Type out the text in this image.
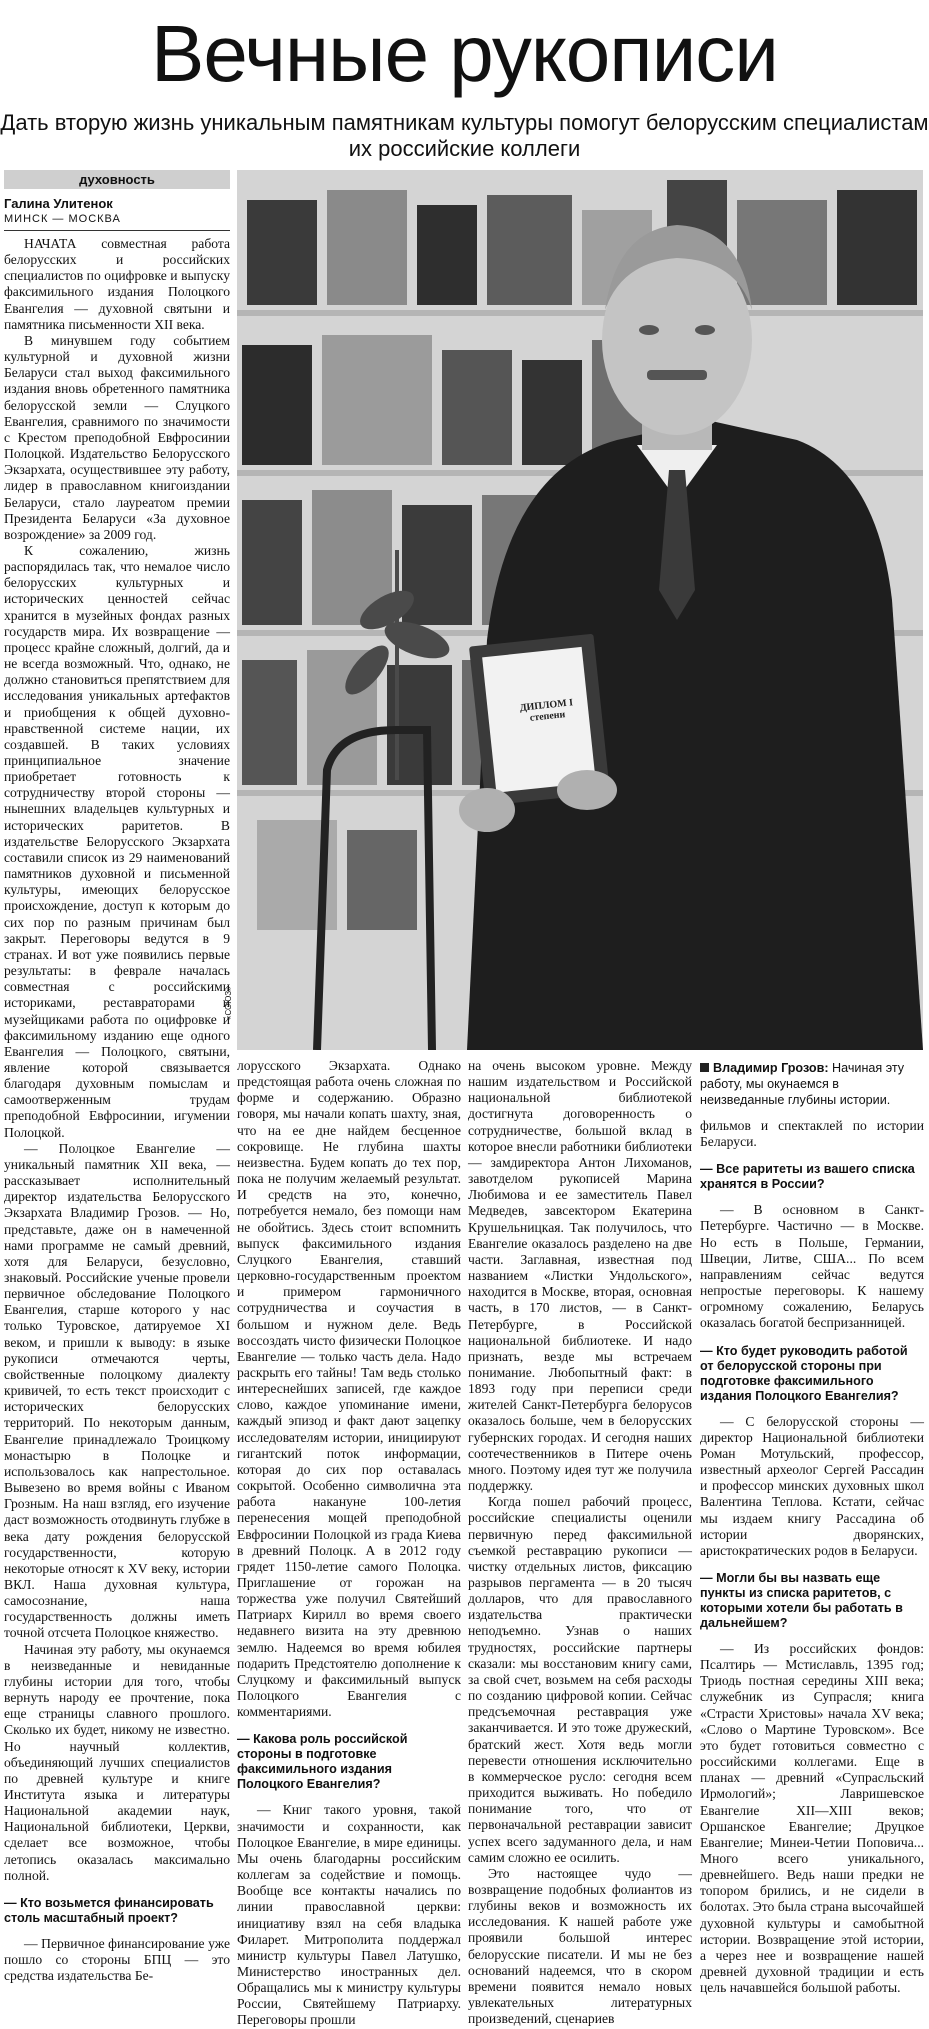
Вечные рукописи
Дать вторую жизнь уникальным памятникам культуры помогут белорусским специалистам их российские коллеги
духовность
Галина Улитенок
МИНСК — МОСКВА

НАЧАТА совместная работа белорусских и российских специалистов по оцифровке и выпуску факсимильного издания Полоцкого Евангелия — духовной святыни и памятника письменности XII века.

В минувшем году событием культурной и духовной жизни Беларуси стал выход факсимильного издания вновь обретенного памятника белорусской земли — Слуцкого Евангелия, сравнимого по значимости с Крестом преподобной Евфросинии Полоцкой. Издательство Белорусского Экзархата, осуществившее эту работу, лидер в православном книгоиздании Беларуси, стало лауреатом премии Президента Беларуси «За духовное возрождение» за 2009 год.

К сожалению, жизнь распорядилась так, что немалое число белорусских культурных и исторических ценностей сейчас хранится в музейных фондах разных государств мира. Их возвращение — процесс крайне сложный, долгий, да и не всегда возможный. Что, однако, не должно становиться препятствием для исследования уникальных артефактов и приобщения к общей духовно-нравственной системе нации, их создавшей. В таких условиях принципиальное значение приобретает готовность к сотрудничеству второй стороны — нынешних владельцев культурных и исторических раритетов. В издательстве Белорусского Экзархата составили список из 29 наименований памятников духовной и письменной культуры, имеющих белорусское происхождение, доступ к которым до сих пор по разным причинам был закрыт. Переговоры ведутся в 9 странах. И вот уже появились первые результаты: в феврале началась совместная с российскими историками, реставраторами и музейщиками работа по оцифровке и факсимильному изданию еще одного Евангелия — Полоцкого, святыни, явление которой связывается благодаря духовным помыслам и самоотверженным трудам преподобной Евфросинии, игумении Полоцкой.

— Полоцкое Евангелие — уникальный памятник XII века, — рассказывает исполнительный директор издательства Белорусского Экзархата Владимир Грозов. — Но, представьте, даже он в намеченной нами программе не самый древний, хотя для Беларуси, безусловно, знаковый. Российские ученые провели первичное обследование Полоцкого Евангелия, старше которого у нас только Туровское, датируемое XI веком, и пришли к выводу: в языке рукописи отмечаются черты, свойственные полоцкому диалекту кривичей, то есть текст происходит с исторических белорусских территорий. По некоторым данным, Евангелие принадлежало Троицкому монастырю в Полоцке и использовалось как напрестольное. Вывезено во время войны с Иваном Грозным. На наш взгляд, его изучение даст возможность отодвинуть глубже в века дату рождения белорусской государственности, которую некоторые относят к XV веку, истории ВКЛ. Наша духовная культура, самосознание, наша государственность должны иметь точной отсчета Полоцкое княжество.

Начиная эту работу, мы окунаемся в неизведанные и невиданные глубины истории для того, чтобы вернуть народу ее прочтение, пока еще страницы славного прошлого. Сколько их будет, никому не известно. Но научный коллектив, объединяющий лучших специалистов по древней культуре и книге Института языка и литературы Национальной академии наук, Национальной библиотеки, Церкви, сделает все возможное, чтобы летопись оказалась максимально полной.

— Кто возьмется финансировать столь масштабный проект?

— Первичное финансирование уже пошло со стороны БПЦ — это средства издательства Бе-

ДИПЛОМ I степени
«СОЮЗ»

лорусского Экзархата. Однако предстоящая работа очень сложная по форме и содержанию. Образно говоря, мы начали копать шахту, зная, что на ее дне найдем бесценное сокровище. Не глубина шахты неизвестна. Будем копать до тех пор, пока не получим желаемый результат. И средств на это, конечно, потребуется немало, без помощи нам не обойтись. Здесь стоит вспомнить выпуск факсимильного издания Слуцкого Евангелия, ставший церковно-государственным проектом и примером гармоничного сотрудничества и соучастия в большом и нужном деле. Ведь воссоздать чисто физически Полоцкое Евангелие — только часть дела. Надо раскрыть его тайны! Там ведь столько интереснейших записей, где каждое слово, каждое упоминание имени, каждый эпизод и факт дают зацепку исследователям истории, инициируют гигантский поток информации, которая до сих пор оставалась сокрытой. Особенно символична эта работа накануне 100-летия перенесения мощей преподобной Евфросинии Полоцкой из града Киева в древний Полоцк. А в 2012 году грядет 1150-летие самого Полоцка. Приглашение от горожан на торжества уже получил Святейший Патриарх Кирилл во время своего недавнего визита на эту древнюю землю. Надеемся во время юбилея подарить Предстоятелю дополнение к Слуцкому и факсимильный выпуск Полоцкого Евангелия с комментариями.

— Какова роль российской стороны в подготовке факсимильного издания Полоцкого Евангелия?

— Книг такого уровня, такой значимости и сохранности, как Полоцкое Евангелие, в мире единицы. Мы очень благодарны российским коллегам за содействие и помощь. Вообще все контакты начались по линии православной церкви: инициативу взял на себя владыка Филарет. Митрополита поддержал министр культуры Павел Латушко, Министерство иностранных дел. Обращались мы к министру культуры России, Святейшему Патриарху. Переговоры прошли

на очень высоком уровне. Между нашим издательством и Российской национальной библиотекой достигнута договоренность о сотрудничестве, большой вклад в которое внесли работники библиотеки — замдиректора Антон Лихоманов, завотделом рукописей Марина Любимова и ее заместитель Павел Медведев, завсектором Екатерина Крушельницкая. Так получилось, что Евангелие оказалось разделено на две части. Заглавная, известная под названием «Листки Ундольского», находится в Москве, вторая, основная часть, в 170 листов, — в Санкт-Петербурге, в Российской национальной библиотеке. И надо признать, везде мы встречаем понимание. Любопытный факт: в 1893 году при переписи среди жителей Санкт-Петербурга белорусов оказалось больше, чем в белорусских губернских городах. И сегодня наших соотечественников в Питере очень много. Поэтому идея тут же получила поддержку.

Когда пошел рабочий процесс, российские специалисты оценили первичную перед факсимильной съемкой реставрацию рукописи — чистку отдельных листов, фиксацию разрывов пергамента — в 20 тысяч долларов, что для православного издательства практически неподъемно. Узнав о наших трудностях, российские партнеры сказали: мы восстановим книгу сами, за свой счет, возьмем на себя расходы по созданию цифровой копии. Сейчас предсъемочная реставрация уже заканчивается. И это тоже дружеский, братский жест. Хотя ведь могли перевести отношения исключительно в коммерческое русло: сегодня всем приходится выживать. Но победило понимание того, что от первоначальной реставрации зависит успех всего задуманного дела, и нам самим сложно ее осилить.

Это настоящее чудо — возвращение подобных фолиантов из глубины веков и возможность их исследования. К нашей работе уже проявили большой интерес белорусские писатели. И мы не без оснований надеемся, что в скором времени появится немало новых увлекательных литературных произведений, сценариев

Владимир Грозов: Начиная эту работу, мы окунаемся в неизведанные глубины истории.

фильмов и спектаклей по истории Беларуси.

— Все раритеты из вашего списка хранятся в России?

— В основном в Санкт-Петербурге. Частично — в Москве. Но есть в Польше, Германии, Швеции, Литве, США... По всем направлениям сейчас ведутся непростые переговоры. К нашему огромному сожалению, Беларусь оказалась богатой беспризанницей.

— Кто будет руководить работой от белорусской стороны при подготовке факсимильного издания Полоцкого Евангелия?

— С белорусской стороны — директор Национальной библиотеки Роман Мотульский, профессор, известный археолог Сергей Рассадин и профессор минских духовных школ Валентина Теплова. Кстати, сейчас мы издаем книгу Рассадина об истории дворянских, аристократических родов в Беларуси.

— Могли бы вы назвать еще пункты из списка раритетов, с которыми хотели бы работать в дальнейшем?

— Из российских фондов: Псалтирь — Мстиславль, 1395 год; Триодь постная середины XIII века; служебник из Супрасля; книга «Страсти Христовы» начала XV века; «Слово о Мартине Туровском». Все это будет готовиться совместно с российскими коллегами. Еще в планах — древний «Супрасльский Ирмологий»; Лавришевское Евангелие XII—XIII веков; Оршанское Евангелие; Друцкое Евангелие; Минеи-Четии Поповича... Много всего уникального, древнейшего. Ведь наши предки не топором брились, и не сидели в болотах. Это была страна высочайшей духовной культуры и самобытной истории. Возвращение этой истории, а через нее и возвращение нашей древней духовной традиции и есть цель начавшейся большой работы.
